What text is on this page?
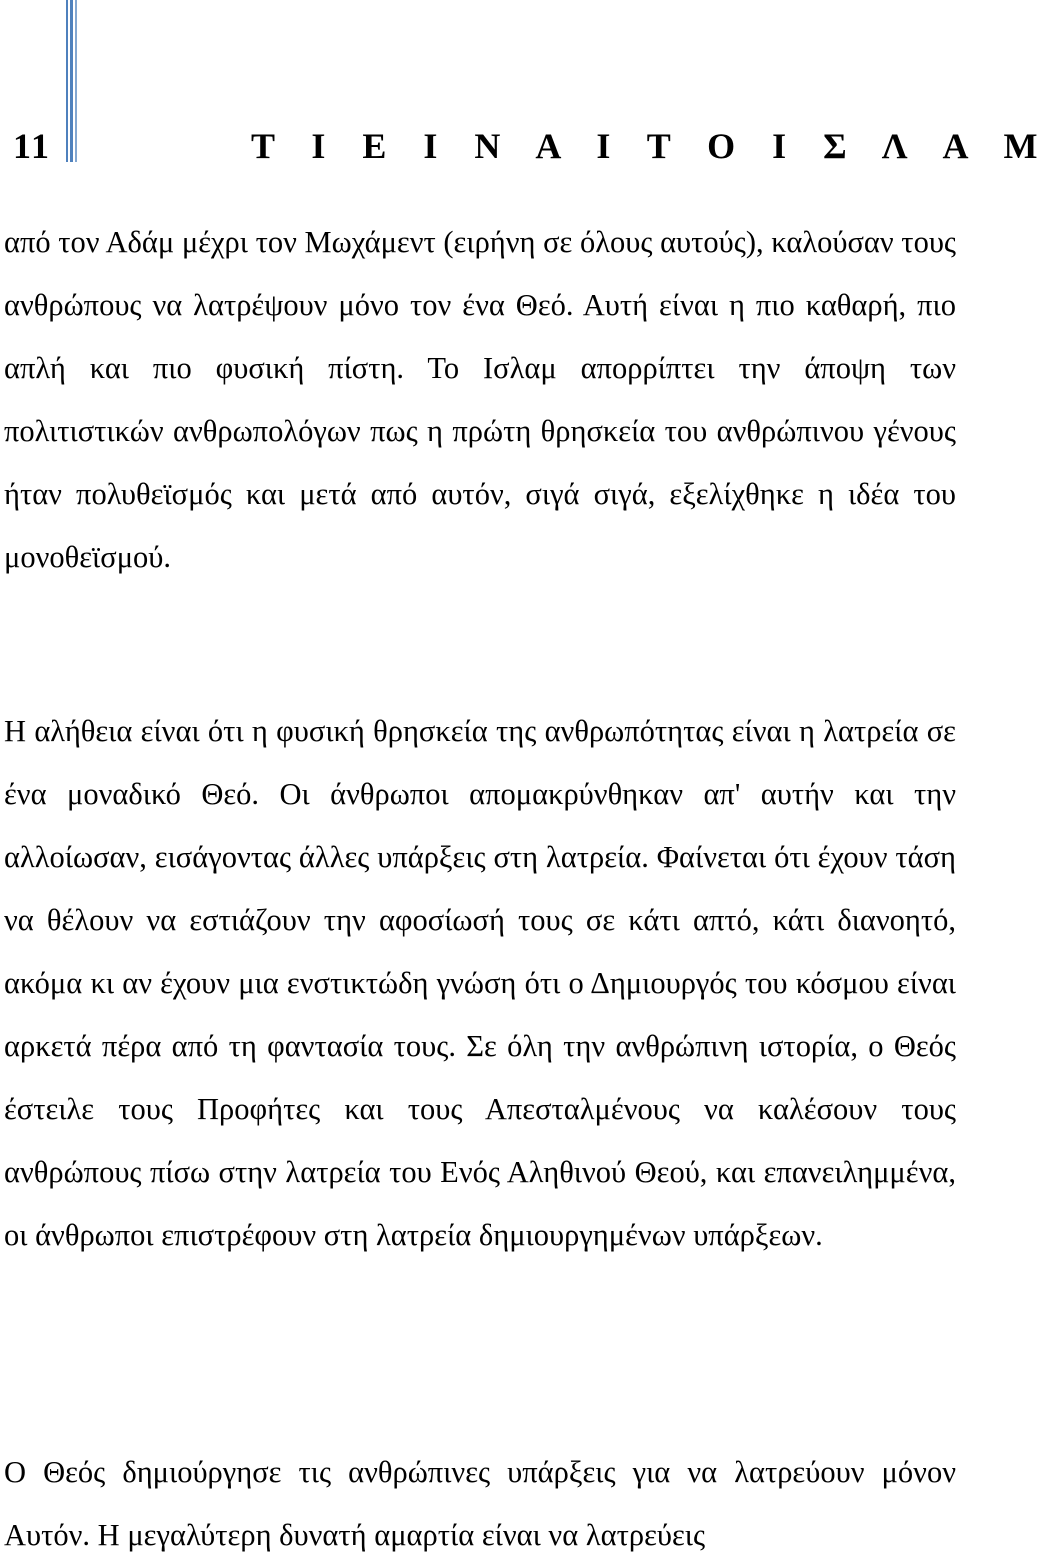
11	Τ Ι Ε Ι Ν Α Ι Τ Ο Ι Σ Λ Α Μ

από τον Αδάμ μέχρι τον Μωχάμεντ (ειρήνη σε όλους αυτούς), καλούσαν τους ανθρώπους να λατρέψουν μόνο τον ένα Θεό. Αυτή είναι η πιο καθαρή, πιο απλή και πιο φυσική πίστη. Το Ισλαμ απορρίπτει την άποψη των πολιτιστικών ανθρωπολόγων πως η πρώτη θρησκεία του ανθρώπινου γένους ήταν πολυθεϊσμός και μετά από αυτόν, σιγά σιγά, εξελίχθηκε η ιδέα του μονοθεϊσμού.

Η αλήθεια είναι ότι η φυσική θρησκεία της ανθρωπότητας είναι η λατρεία σε ένα μοναδικό Θεό. Οι άνθρωποι απομακρύνθηκαν απ' αυτήν και την αλλοίωσαν, εισάγοντας άλλες υπάρξεις στη λατρεία. Φαίνεται ότι έχουν τάση να θέλουν να εστιάζουν την αφοσίωσή τους σε κάτι απτό, κάτι διανοητό, ακόμα κι αν έχουν μια ενστικτώδη γνώση ότι ο Δημιουργός του κόσμου είναι αρκετά πέρα από τη φαντασία τους. Σε όλη την ανθρώπινη ιστορία, ο Θεός έστειλε τους Προφήτες και τους Απεσταλμένους να καλέσουν τους ανθρώπους πίσω στην λατρεία του Ενός Αληθινού Θεού, και επανειλημμένα, οι άνθρωποι επιστρέφουν στη λατρεία δημιουργημένων υπάρξεων.

Ο Θεός δημιούργησε τις ανθρώπινες υπάρξεις για να λατρεύουν μόνον Αυτόν. Η μεγαλύτερη δυνατή αμαρτία είναι να λατρεύεις
